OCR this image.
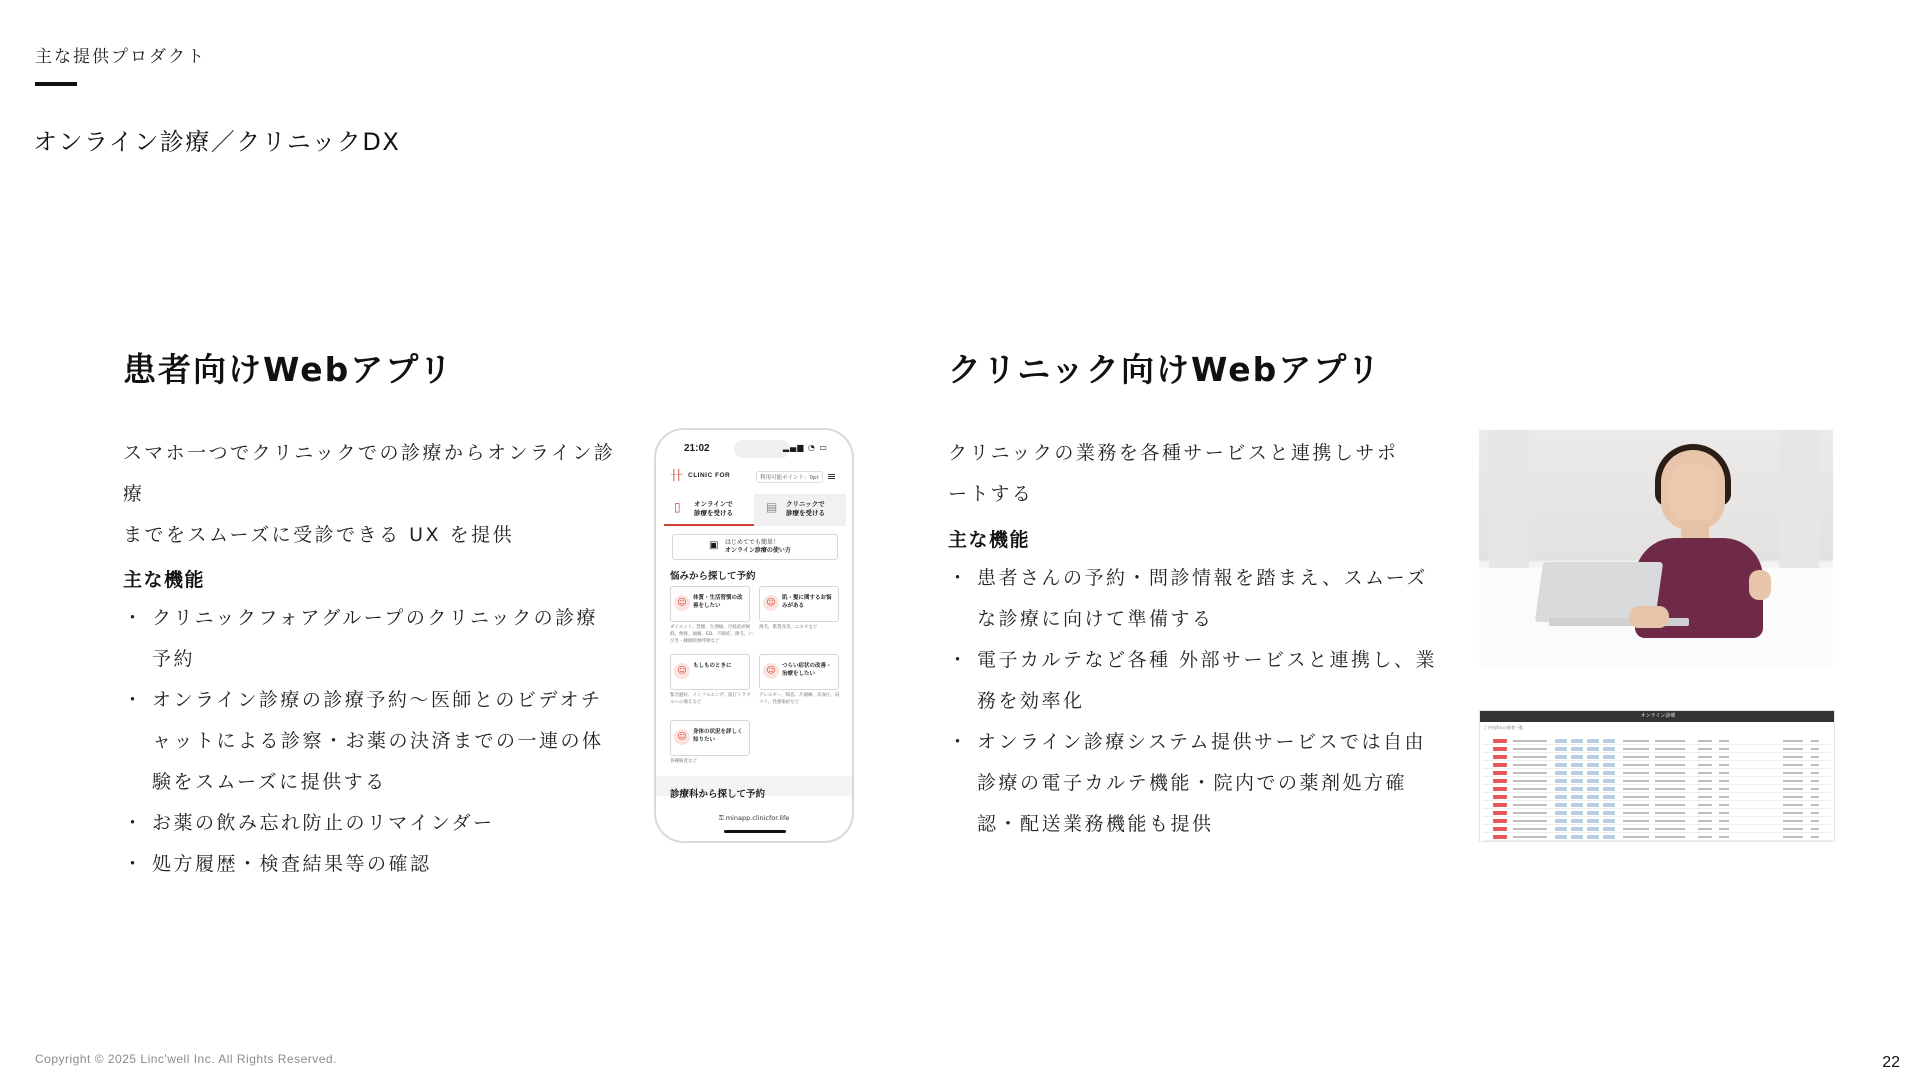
主な提供プロダクト
オンライン診療／クリニックDX
患者向けWebアプリ
スマホ一つでクリニックでの診療からオンライン診療
までをスムーズに受診できる UX を提供
主な機能
・ クリニックフォアグループのクリニックの診療予約
・ オンライン診療の診療予約～医師とのビデオチャットによる診察・お薬の決済までの一連の体験をスムーズに提供する
・ お薬の飲み忘れ防止のリマインダー
・ 処方履歴・検査結果等の確認
21:02	▂▄▆ ◔ ▭
卄 CLINIC FOR	利用可能ポイント：0pt ≡
▯ オンラインで
診療を受ける	▤ クリニックで
診療を受ける
▣ はじめてでも簡単！
オンライン診療の使い方
悩みから探して予約
☺	体質・生活習慣の改
善をしたい
ダイエット、禁煙、生理痛、月経前症候群、便秘、頭痛、ED、不眠症、薄毛、いびき・睡眠時無呼吸など
☺	肌・髪に関するお悩
みがある
薄毛、肌質改善、ニキビなど
☺	もしものときに
緊急避妊、インフルエンザ、旅行トラブルへの備えなど
☺	つらい症状の改善・
治療をしたい
アレルギー、喘息、片頭痛、高血圧、肩コリ、性感染症など
☺	身体の状況を詳しく
知りたい
各種検査など
診療科から探して予約
⚿ minapp.clinicfor.life
クリニック向けWebアプリ
クリニックの業務を各種サービスと連携しサポートする
主な機能
・ 患者さんの予約・問診情報を踏まえ、スムーズな診療に向けて準備する
・ 電子カルテなど各種 外部サービスと連携し、業務を効率化
・ オンライン診療システム提供サービスでは自由診療の電子カルテ機能・院内での薬剤処方確認・配送業務機能も提供
オンライン診療
ご予約済みの患者一覧
Copyright © 2025 Linc'well Inc. All Rights Reserved.	22
